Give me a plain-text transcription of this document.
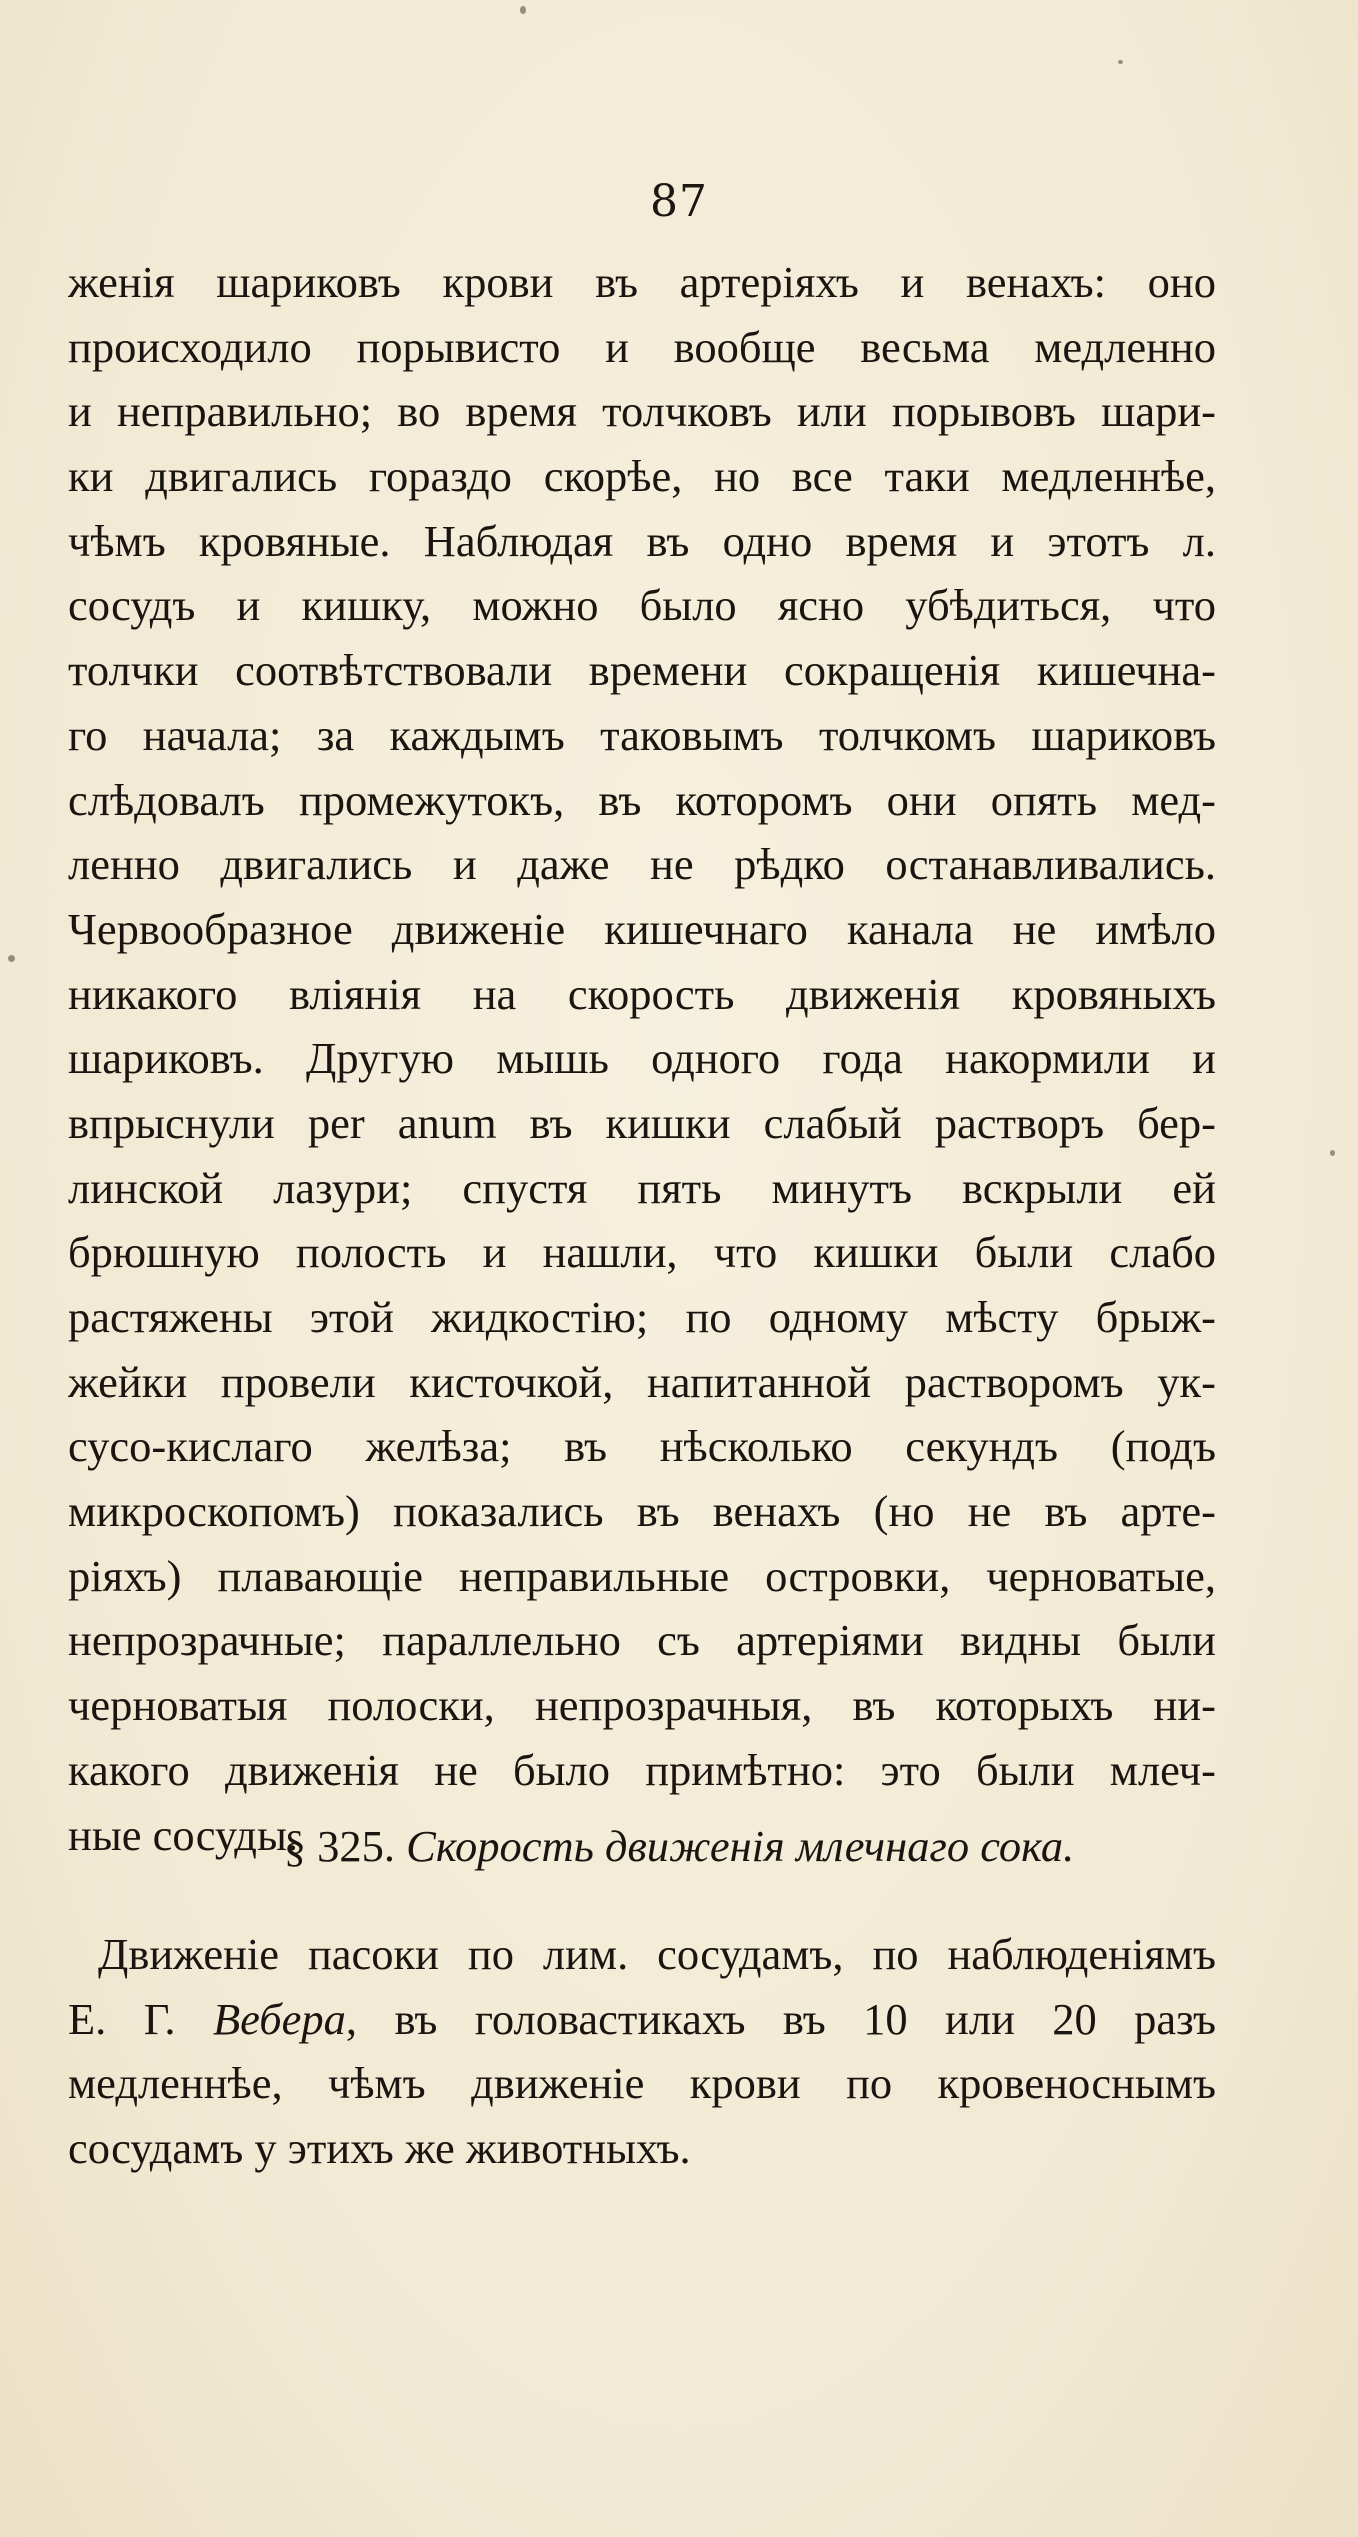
87
женія шариковъ крови въ артеріяхъ и венахъ: оно
происходило порывисто и вообще весьма медленно
и неправильно; во время толчковъ или порывовъ шари-
ки двигались гораздо скорѣе, но все таки медленнѣе,
чѣмъ кровяные. Наблюдая въ одно время и этотъ л.
сосудъ и кишку, можно было ясно убѣдиться, что
толчки соотвѣтствовали времени сокращенія кишечна-
го начала; за каждымъ таковымъ толчкомъ шариковъ
слѣдовалъ промежутокъ, въ которомъ они опять мед-
ленно двигались и даже не рѣдко останавливались.
Червообразное движеніе кишечнаго канала не имѣло
никакого вліянія на скорость движенія кровяныхъ
шариковъ. Другую мышь одного года накормили и
впрыснули per anum въ кишки слабый растворъ бер-
линской лазури; спустя пять минутъ вскрыли ей
брюшную полость и нашли, что кишки были слабо
растяжены этой жидкостію; по одному мѣсту брыж-
жейки провели кисточкой, напитанной растворомъ ук-
сусо-кислаго желѣза; въ нѣсколько секундъ (подъ
микроскопомъ) показались въ венахъ (но не въ арте-
ріяхъ) плавающіе неправильные островки, черноватые,
непрозрачные; параллельно съ артеріями видны были
черноватыя полоски, непрозрачныя, въ которыхъ ни-
какого движенія не было примѣтно: это были млеч-
ные сосуды.
§ 325. Скорость движенія млечнаго сока.
Движеніе пасоки по лим. сосудамъ, по наблюденіямъ
Е. Г. Вебера, въ головастикахъ въ 10 или 20 разъ
медленнѣе, чѣмъ движеніе крови по кровеноснымъ
сосудамъ у этихъ же животныхъ.
